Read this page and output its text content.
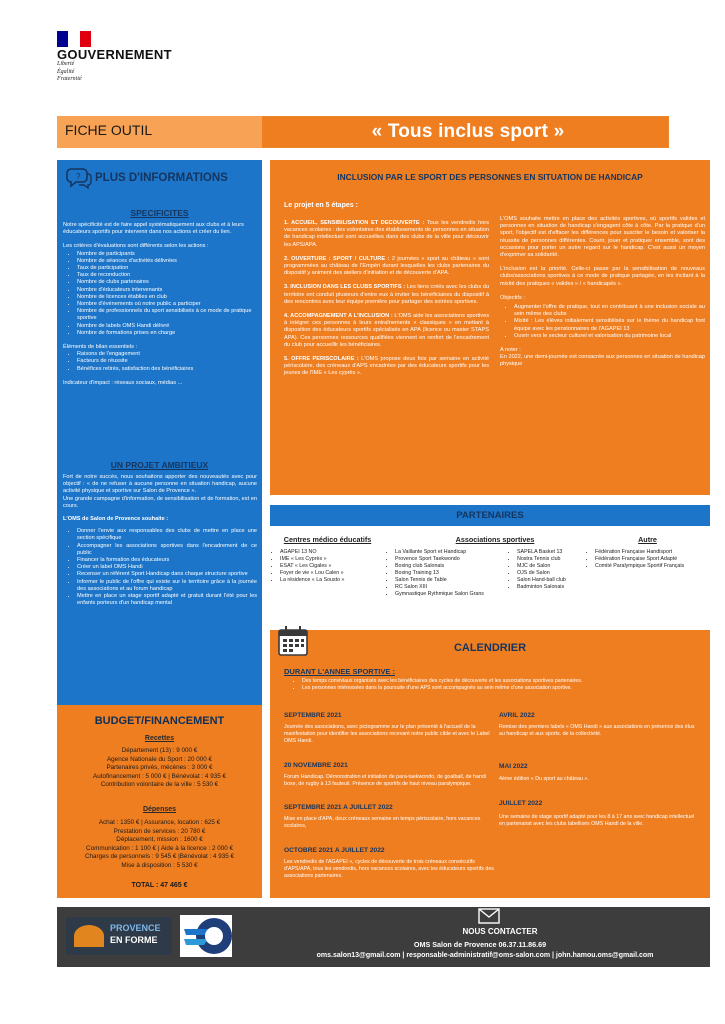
GOUVERNEMENT
Liberté
Égalité
Fraternité
FICHE OUTIL	« Tous inclus sport »
? PLUS D'INFORMATIONS
SPECIFICITES

Notre spécificité est de faire appel systématiquement aux clubs et à leurs éducateurs sportifs pour intervenir dans nos actions et créer du lien.

Les critères d'évaluations sont différents selon les actions :

• Nombre de participants
• Nombre de séances d'activités délivrées
• Taux de participation
• Taux de reconduction
• Nombre de clubs partenaires
• Nombre d'éducateurs intervenants
• Nombre de licences établies en club
• Nombre d'événements où notre public a participer
• Nombre de professionnels du sport sensibilisés à ce mode de pratique sportive
• Nombre de labels OMS Handi délivré
• Nombre de formations prises en charge

Éléments de bilan essentiels :

• Raisons de l'engagement
• Facteurs de réussite
• Bénéfices retirés, satisfaction des bénéficiaires

Indicateur d'impact : réseaux sociaux, médias ...

UN PROJET AMBITIEUX

Fort de notre succès, nous souhaitons apporter des nouveautés avec pour objectif : « de ne refuser à aucune personne en situation handicap, aucune activité physique et sportive sur Salon de Provence ».

Une grande campagne d'information, de sensibilisation et de formation, est en cours.

L'OMS de Salon de Provence souhaite :

• Donner l'envie aux responsables des clubs de mettre en place une section spécifique
• Accompagner les associations sportives dans l'encadrement de ce public
• Financer la formation des éducateurs
• Créer un label OMS Handi
• Recenser un référent Sport Handicap dans chaque structure sportive
• Informer le public de l'offre qui existe sur le territoire grâce à la journée des associations et au forum handicap
• Mettre en place un stage sportif adapté et gratuit durant l'été pour les enfants porteurs d'un handicap mental
BUDGET/FINANCEMENT
Recettes
Département (13) : 9 000 €
Agence Nationale du Sport : 20 000 €
Partenaires privés, mécènes : 3 000 €
Autofinancement : 5 000 € | Bénévolat : 4 935 €
Contribution volontaire de la ville : 5 530 €
Dépenses
Achat : 1350 € | Assurance, location : 625 €
Prestation de services : 20 780 €
Déplacement, mission : 1600 €
Communication : 1 100 € | Aide à la licence : 2 000 €
Charges de personnels : 9 545 € |Bénévolat : 4 935 €
Mise à disposition : 5 530 €
TOTAL : 47 465 €
INCLUSION PAR LE SPORT DES PERSONNES EN SITUATION DE HANDICAP
Le projet en 5 étapes :

1. ACCUEIL, SENSIBILISATION ET DECOUVERTE : Tous les vendredis hors vacances scolaires : des volontaires des établissements de personnes en situation de handicap intellectuel sont accueillies dans des clubs de la ville pour découvrir les APS/APA.

2. OUVERTURE : SPORT / CULTURE : 2 journées « sport au château » sont programmées au château de l'Empéri durant lesquelles les clubs partenaires du dispositif y animent des ateliers d'initiation et de découverte d'APA.

3. INCLUSION DANS LES CLUBS SPORTIFS : Les liens créés avec les clubs du territoire ont conduit plusieurs d'entre eux à inviter les bénéficiaires du dispositif à des rencontres avec leur équipe première pour partager des soirées sportives.

4. ACCOMPAGNEMENT A L'INCLUSION : L'OMS aide les associations sportives à intégrer ces personnes à leurs entraînements « classiques » en mettant à disposition des éducateurs sportifs spécialisés en APA (licence ou master STAPS APA). Ces personnes ressources qualifiées viennent en renfort de l'encadrement du club pour accueillir les bénéficiaires.

5. OFFRE PERISCOLAIRE : L'OMS propose deux fois par semaine en activité périscolaire, des créneaux d'APS encadrées par des éducateurs sportifs pour les jeunes de l'IME « Les cyprès ».

L'OMS souhaite mettre en place des activités sportives, où sportifs valides et personnes en situation de handicap s'engagent côte à côte. Par la pratique d'un sport, l'objectif est d'effacer les différences pour susciter le besoin et valoriser la réussite de personnes différentes. Courir, jouer et pratiquer ensemble, sont des occasions pour porter un autre regard sur le handicap. C'est aussi un moyen d'exprimer sa solidarité.

L'inclusion est la priorité. Celle-ci passe par la sensibilisation de nouveaux clubs/associations sportives à ce mode de pratique partagée, en les incitant à la mixité des pratiques « valides » / « handicapés ».

Objectifs :

• Augmenter l'offre de pratique, tout en contribuant à une inclusion sociale au sein même des clubs
• Mixité : Les élèves initialement sensibilisés sur le thème du handicap font équipe avec les pensionnaires de l'AGAPEI 13
• Ouvrir vers le secteur culturel et valorisation du patrimoine local
A noter :
En 2022, une demi-journée est consacrée aux personnes en situation de handicap physique
PARTENAIRES
Centres médico éducatifs
• AGAPEI 13 NO
• IME « Les Cyprès »
• ESAT « Les Cigales »
• Foyer de vie « Lou Calen »
• La résidence « La Sousto »
Associations sportives
• La Vaillante Sport et Handicap
• Provence Sport Taekwondo
• Boxing club Salonais
• Boxing Training 13
• Salon Tennis de Table
• RC Salon XIII
• Gymnastique Rythmique Salon Grans
• SAPELA Basket 13
• Nostra Tennis club
• MJC de Salon
• OJS de Salon
• Salon Hand-ball club
• Badminton Salonais
Autre
• Fédération Française Handisport
• Fédération Française Sport Adapté
• Comité Paralympique Sportif Français
CALENDRIER
DURANT L'ANNEE SPORTIVE :
• Des temps conviviaux organisés avec les bénéficiaires des cycles de découverte et les associations sportives partenaires.
• Les personnes intéressées dans la poursuite d'une APS sont accompagnés au sein même d'une association sportive.
SEPTEMBRE 2021
Journée des associations, avec pictogramme sur le plan présenté à l'accueil de la manifestation pour identifier les associations recevant notre public cible et avec le Label OMS Handi.
20 NOVEMBRE 2021
Forum Handicap. Démonstration et initiation de para-taekwondo, de goalball, de handi boxe, de rugby à 13 fauteuil. Présence de sportifs de haut niveau paralympique.
SEPTEMBRE 2021 A JUILLET 2022
Mise en place d'APA, deux créneaux semaine en temps périscolaire, hors vacances scolaires,
OCTOBRE 2021 A JUILLET 2022
Les vendredis de l'AGAPEI », cycles de découverte de trois créneaux consécutifs d'APS/APA, tous les vendredis, hors vacances scolaires, avec les éducateurs sportifs des associations partenaires.
AVRIL 2022
Remise des premiers labels « OMS Handi » aux associations en présence des élus au handicap et aux sports. de la collectivité.
MAI 2022
4ème édition « Du sport au château ».
JUILLET 2022
Une semaine de stage sportif adapté pour les 8 à 17 ans avec handicap intellectuel en partenariat avec les clubs labellisés OMS Handi de la ville.
PROVENCE
EN FORME
NOUS CONTACTER
OMS Salon de Provence 06.37.11.86.69
oms.salon13@gmail.com | responsable-administratif@oms-salon.com | john.hamou.oms@gmail.com
